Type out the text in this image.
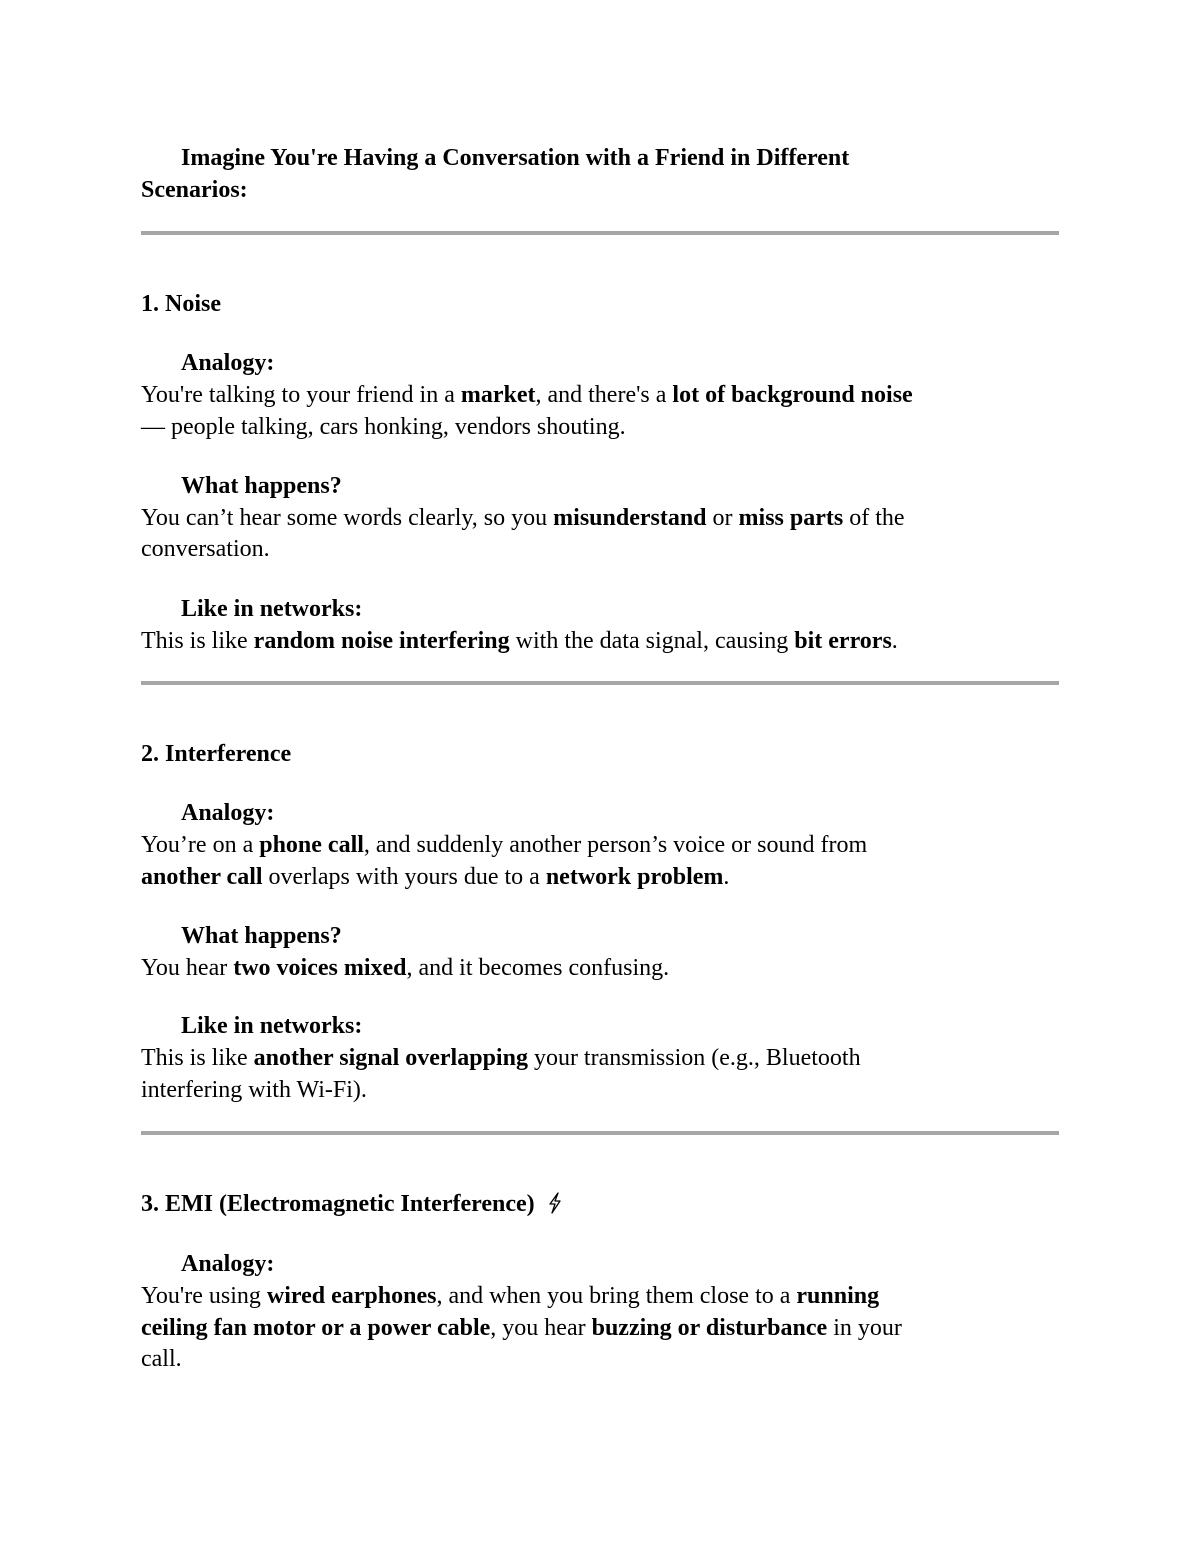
Imagine You're Having a Conversation with a Friend in Different
Scenarios:
1. Noise
Analogy:
You're talking to your friend in a market, and there's a lot of background noise
— people talking, cars honking, vendors shouting.
What happens?
You can’t hear some words clearly, so you misunderstand or miss parts of the
conversation.
Like in networks:
This is like random noise interfering with the data signal, causing bit errors.
2. Interference
Analogy:
You’re on a phone call, and suddenly another person’s voice or sound from
another call overlaps with yours due to a network problem.
What happens?
You hear two voices mixed, and it becomes confusing.
Like in networks:
This is like another signal overlapping your transmission (e.g., Bluetooth
interfering with Wi-Fi).
3. EMI (Electromagnetic Interference)
Analogy:
You're using wired earphones, and when you bring them close to a running
ceiling fan motor or a power cable, you hear buzzing or disturbance in your
call.
